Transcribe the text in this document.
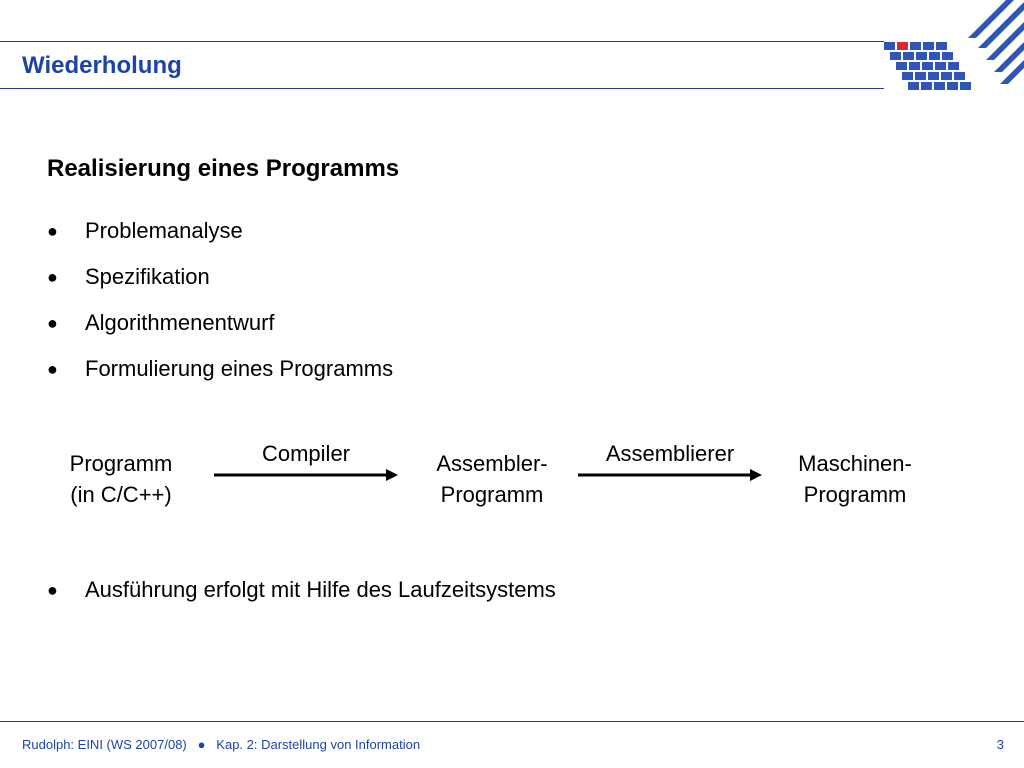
Wiederholung
Realisierung eines Programms
●	Problemanalyse
●	Spezifikation
●	Algorithmenentwurf
●	Formulierung eines Programms
Programm
(in C/C++)
Compiler	Assembler-
Programm
Assemblierer	Maschinen-
Programm
●	Ausführung erfolgt mit Hilfe des Laufzeitsystems
Rudolph: EINI (WS 2007/08) ● Kap. 2: Darstellung von Information	3
